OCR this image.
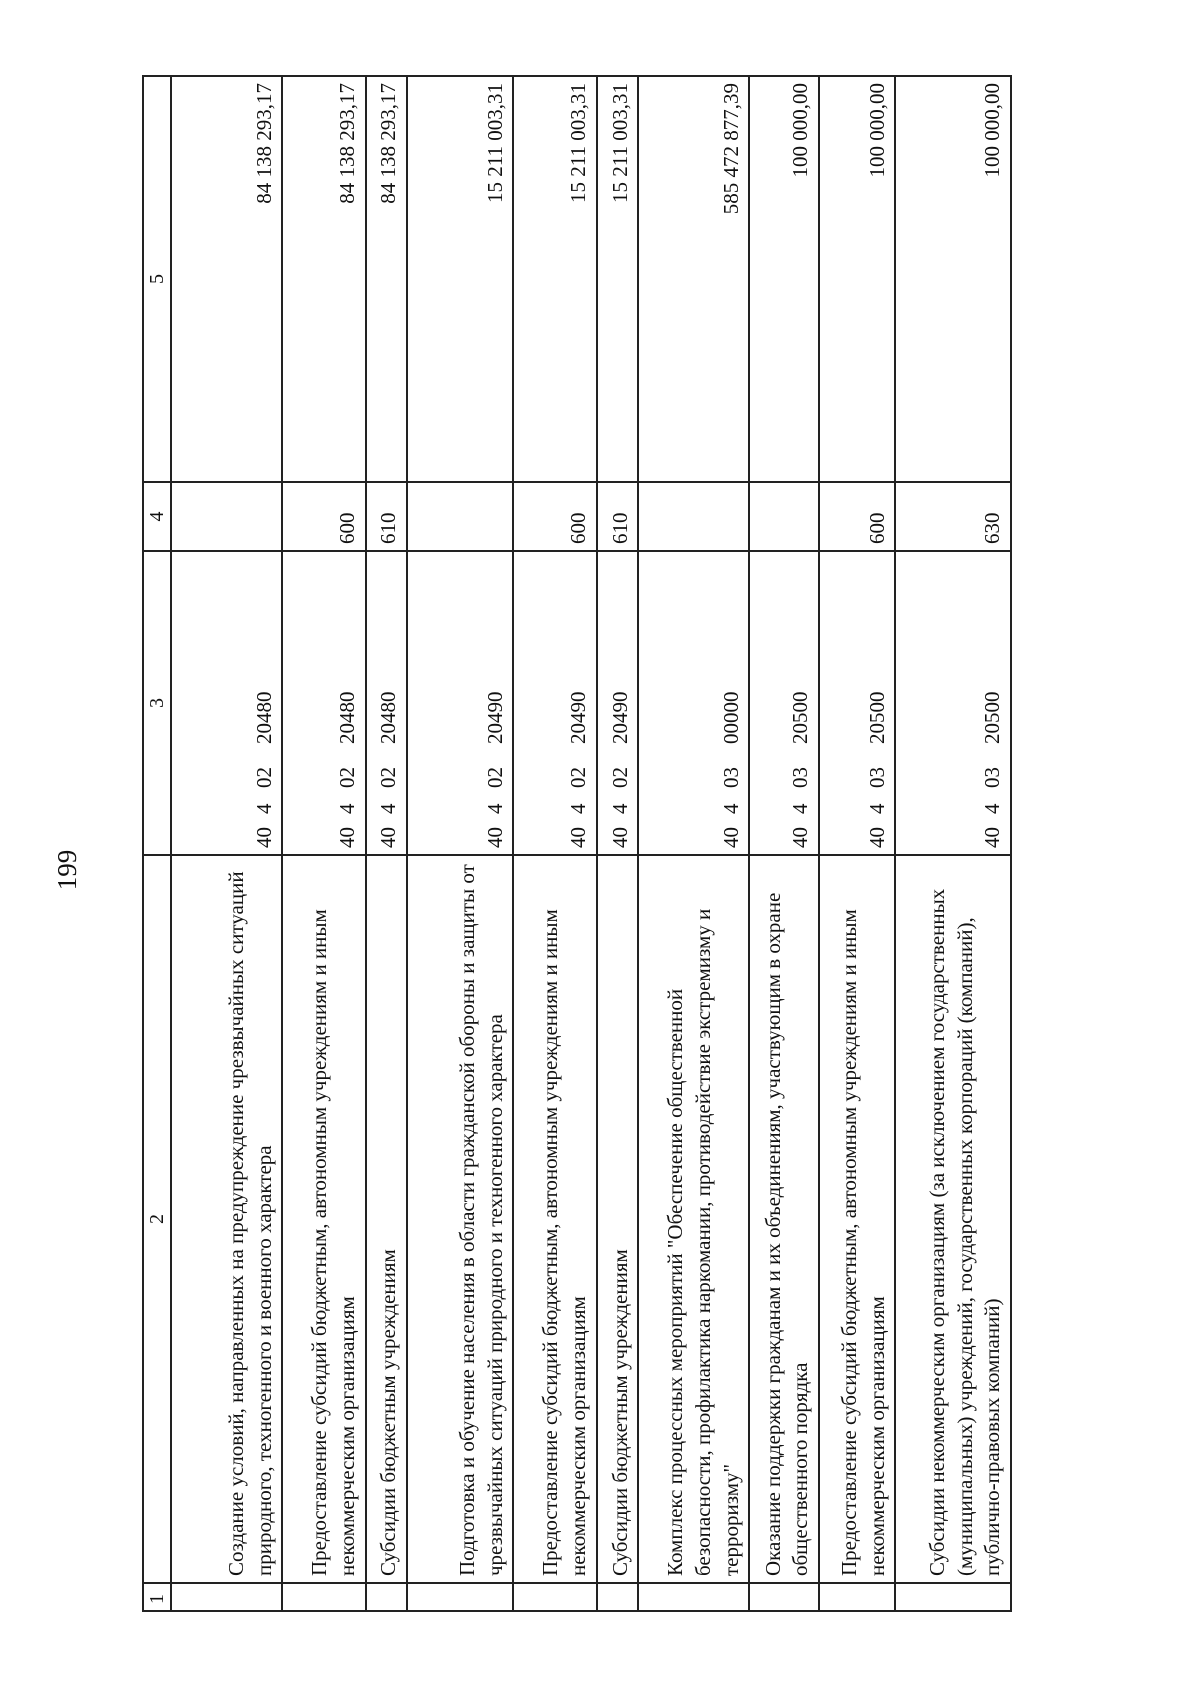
199
1	2	3	4	5
	Создание условий, направленных на предупреждение чрезвычайных ситуаций природного, техногенного и военного характера	4040220480		84 138 293,17
	Предоставление субсидий бюджетным, автономным учреждениям и иным некоммерческим организациям	4040220480	600	84 138 293,17
	Субсидии бюджетным учреждениям	4040220480	610	84 138 293,17
	Подготовка и обучение населения в области гражданской обороны и защиты от чрезвычайных ситуаций природного и техногенного характера	4040220490		15 211 003,31
	Предоставление субсидий бюджетным, автономным учреждениям и иным некоммерческим организациям	4040220490	600	15 211 003,31
	Субсидии бюджетным учреждениям	4040220490	610	15 211 003,31
	Комплекс процессных мероприятий "Обеспечение общественной безопасности, профилактика наркомании, противодействие экстремизму и терроризму"	4040300000		585 472 877,39
	Оказание поддержки гражданам и их объединениям, участвующим в охране общественного порядка	4040320500		100 000,00
	Предоставление субсидий бюджетным, автономным учреждениям и иным некоммерческим организациям	4040320500	600	100 000,00
	Субсидии некоммерческим организациям (за исключением государственных (муниципальных) учреждений, государственных корпораций (компаний), публично-правовых компаний)	4040320500	630	100 000,00
